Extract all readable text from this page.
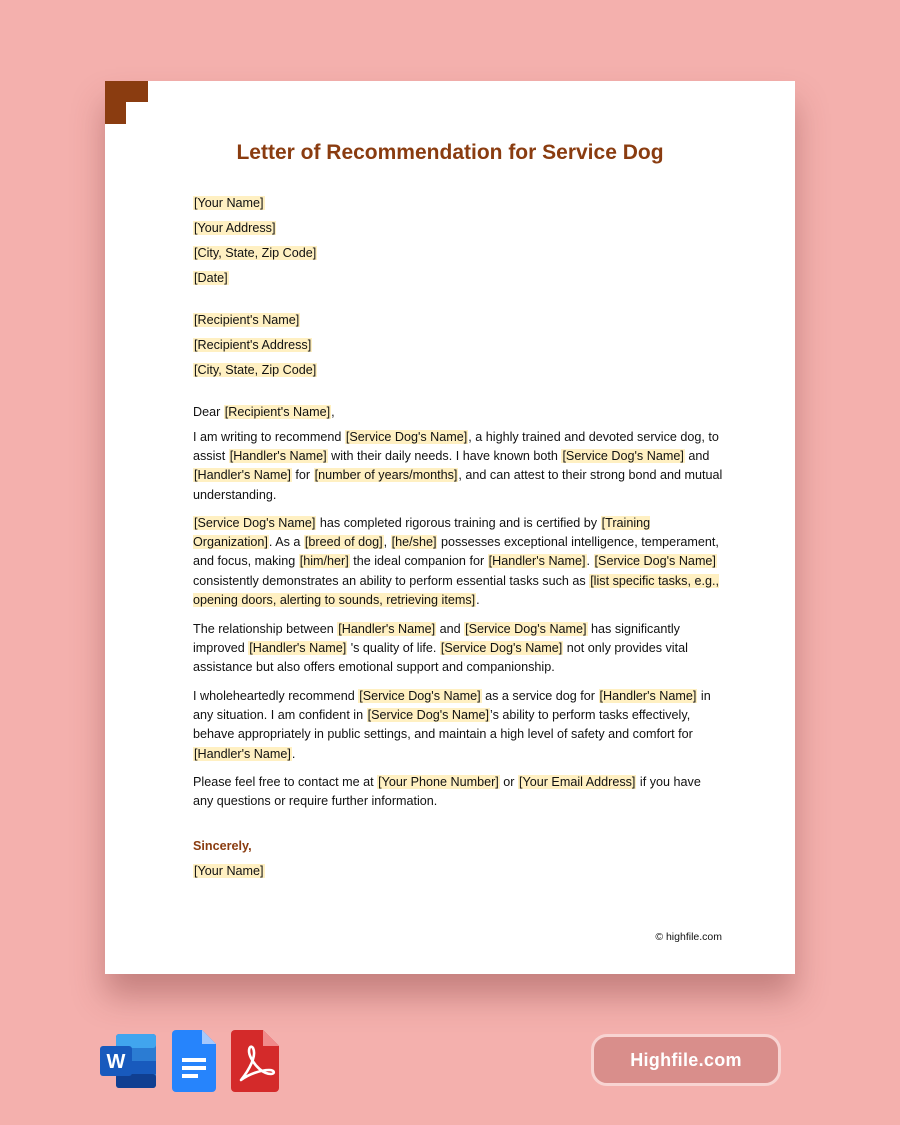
Letter of Recommendation for Service Dog
[Your Name]
[Your Address]
[City, State, Zip Code]
[Date]
[Recipient's Name]
[Recipient's Address]
[City, State, Zip Code]
Dear [Recipient's Name],
I am writing to recommend [Service Dog's Name], a highly trained and devoted service dog, to assist [Handler's Name] with their daily needs. I have known both [Service Dog's Name] and [Handler's Name] for [number of years/months], and can attest to their strong bond and mutual understanding.
[Service Dog's Name] has completed rigorous training and is certified by [Training Organization]. As a [breed of dog], [he/she] possesses exceptional intelligence, temperament, and focus, making [him/her] the ideal companion for [Handler's Name]. [Service Dog's Name] consistently demonstrates an ability to perform essential tasks such as [list specific tasks, e.g., opening doors, alerting to sounds, retrieving items].
The relationship between [Handler's Name] and [Service Dog's Name] has significantly improved [Handler's Name] 's quality of life. [Service Dog's Name] not only provides vital assistance but also offers emotional support and companionship.
I wholeheartedly recommend [Service Dog's Name] as a service dog for [Handler's Name] in any situation. I am confident in [Service Dog's Name]’s ability to perform tasks effectively, behave appropriately in public settings, and maintain a high level of safety and comfort for [Handler's Name].
Please feel free to contact me at [Your Phone Number] or [Your Email Address] if you have any questions or require further information.
Sincerely,
[Your Name]
© highfile.com
W	Highfile.com
